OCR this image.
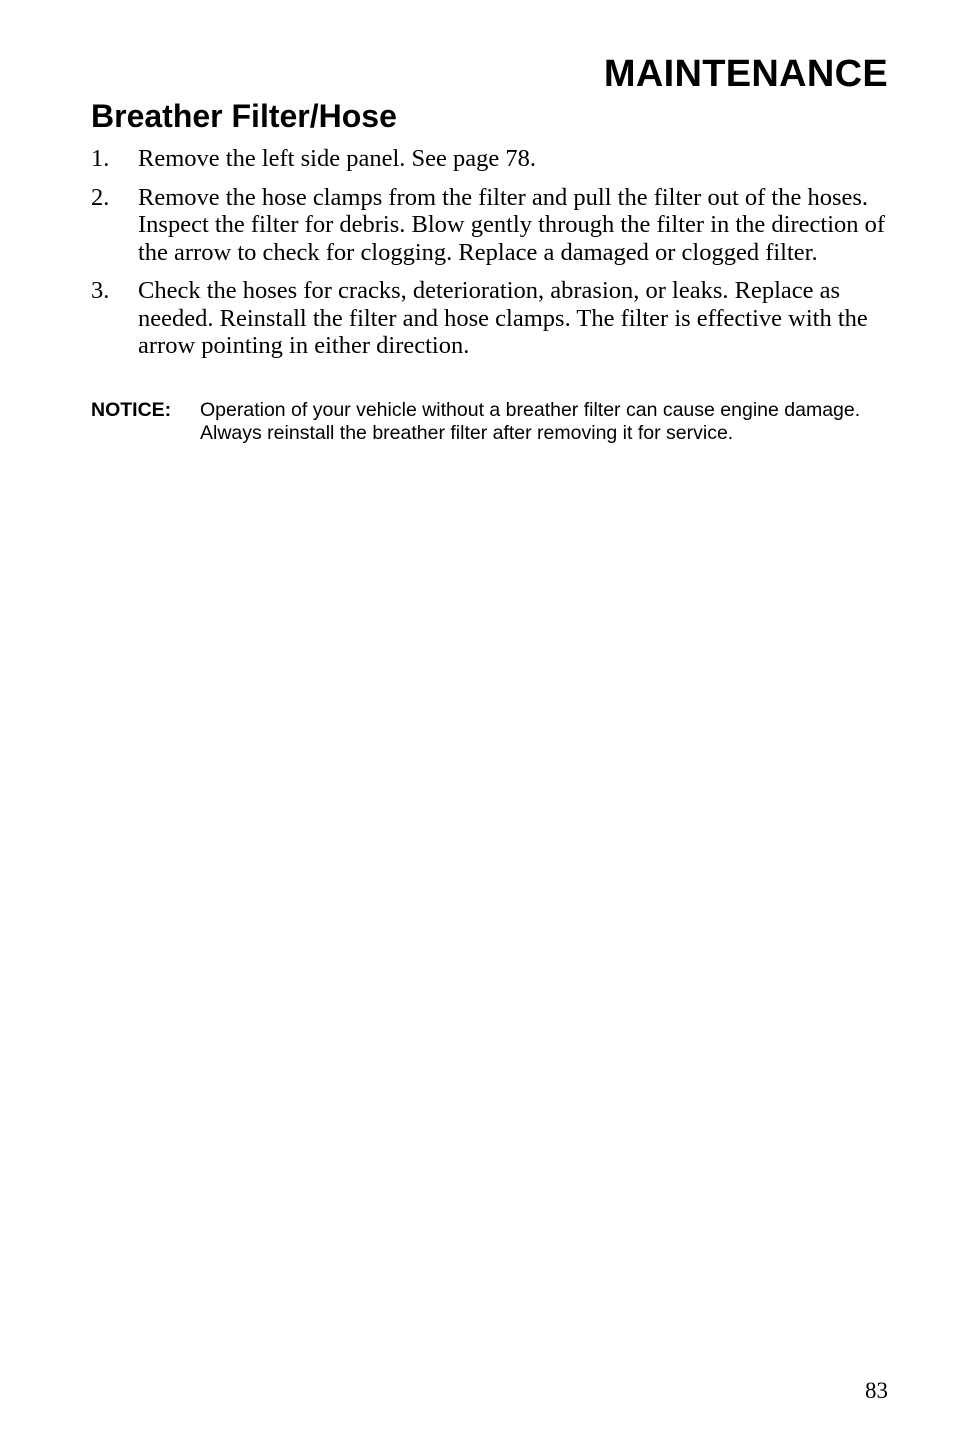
MAINTENANCE
Breather Filter/Hose
1. Remove the left side panel. See page 78.
2. Remove the hose clamps from the filter and pull the filter out of the hoses. Inspect the filter for debris. Blow gently through the filter in the direction of the arrow to check for clogging. Replace a damaged or clogged filter.
3. Check the hoses for cracks, deterioration, abrasion, or leaks. Replace as needed. Reinstall the filter and hose clamps. The filter is effective with the arrow pointing in either direction.
NOTICE: Operation of your vehicle without a breather filter can cause engine damage. Always reinstall the breather filter after removing it for service.
83
